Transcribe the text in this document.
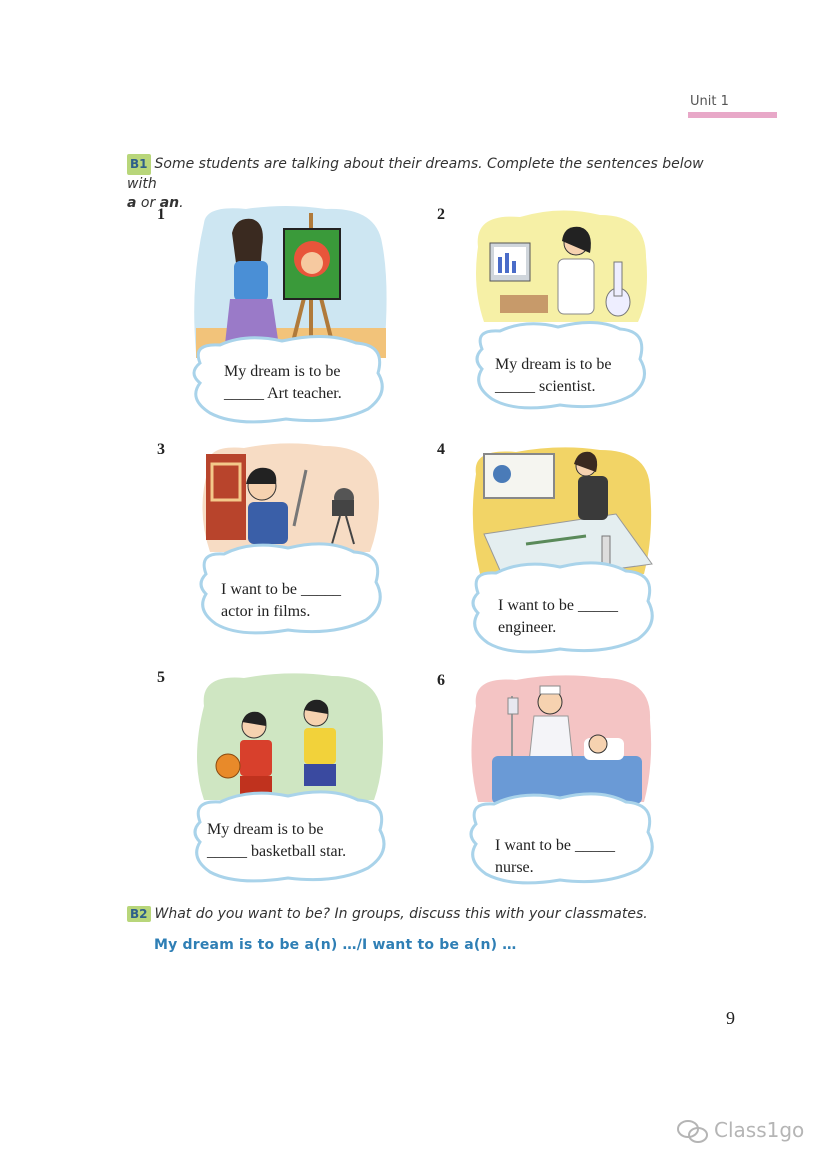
Unit 1
B1 Some students are talking about their dreams. Complete the sentences below with
a or an.
1	2
3	4
5	6
My dream is to be
_____ Art teacher.
My dream is to be
_____ scientist.
I want to be _____
actor in films.	I want to be _____
engineer.
My dream is to be
_____ basketball star.	I want to be _____
nurse.
B2 What do you want to be? In groups, discuss this with your classmates.
My dream is to be a(n) …/I want to be a(n) …
9
Class1go
